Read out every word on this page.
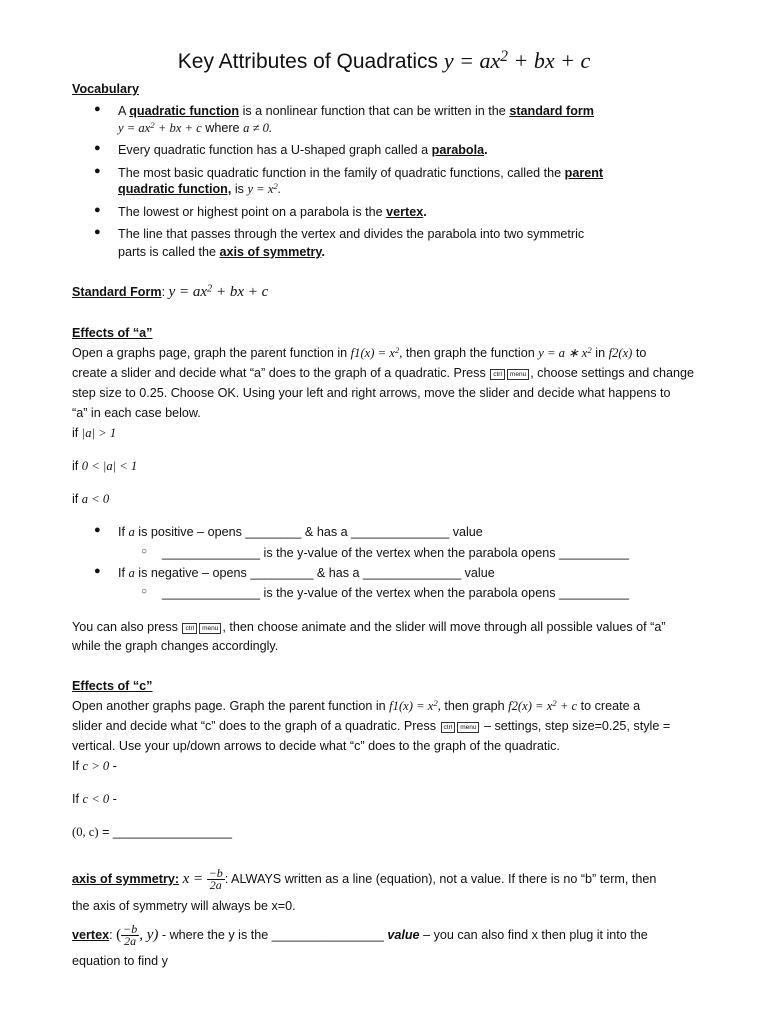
Key Attributes of Quadratics $y = ax^2$ + bx + c
Vocabulary
● A quadratic function is a nonlinear function that can be written in the standard form
$y = ax^2$ + bx + c where a ≠ 0.
● Every quadratic function has a U-shaped graph called a parabola.
● The most basic quadratic function in the family of quadratic functions, called the parent
quadratic function, is $y = x^2$.
● The lowest or highest point on a parabola is the vertex.
● The line that passes through the vertex and divides the parabola into two symmetric
parts is called the axis of symmetry.
Standard Form: $y = ax^2$ + bx + c
Effects of “a”
Open a graphs page, graph the parent function in $f1(x) = x^2$, then graph the function y = a ∗ $x^2$ in f2(x) to
create a slider and decide what “a” does to the graph of a quadratic. Press ctrl menu , choose settings and change
step size to 0.25. Choose OK. Using your left and right arrows, move the slider and decide what happens to
“a” in each case below.
if |a| > 1
if 0 < |a| < 1
if a < 0
● If a is positive – opens ________ & has a ______________ value
○ ______________ is the y-value of the vertex when the parabola opens __________
● If a is negative – opens _________ & has a ______________ value
○ ______________ is the y-value of the vertex when the parabola opens __________
You can also press ctrl menu , then choose animate and the slider will move through all possible values of “a”
while the graph changes accordingly.
Effects of “c”
Open another graphs page. Graph the parent function in $f1(x) = x^2$, then graph $f2(x) = x^2 + c$ to create a
slider and decide what “c” does to the graph of a quadratic. Press ctrl menu – settings, step size=0.25, style =
vertical. Use your up/down arrows to decide what “c” does to the graph of the quadratic.
If c > 0 -
If c < 0 -
(0, c) = _________________
axis of symmetry: $x = \frac{-b}{2a}$ : ALWAYS written as a line (equation), not a value. If there is no “b” term, then
the axis of symmetry will always be x=0.
vertex: ( $\frac{-b}{2a}$ , y) - where the y is the ________________ value – you can also find x then plug it into the
equation to find y
